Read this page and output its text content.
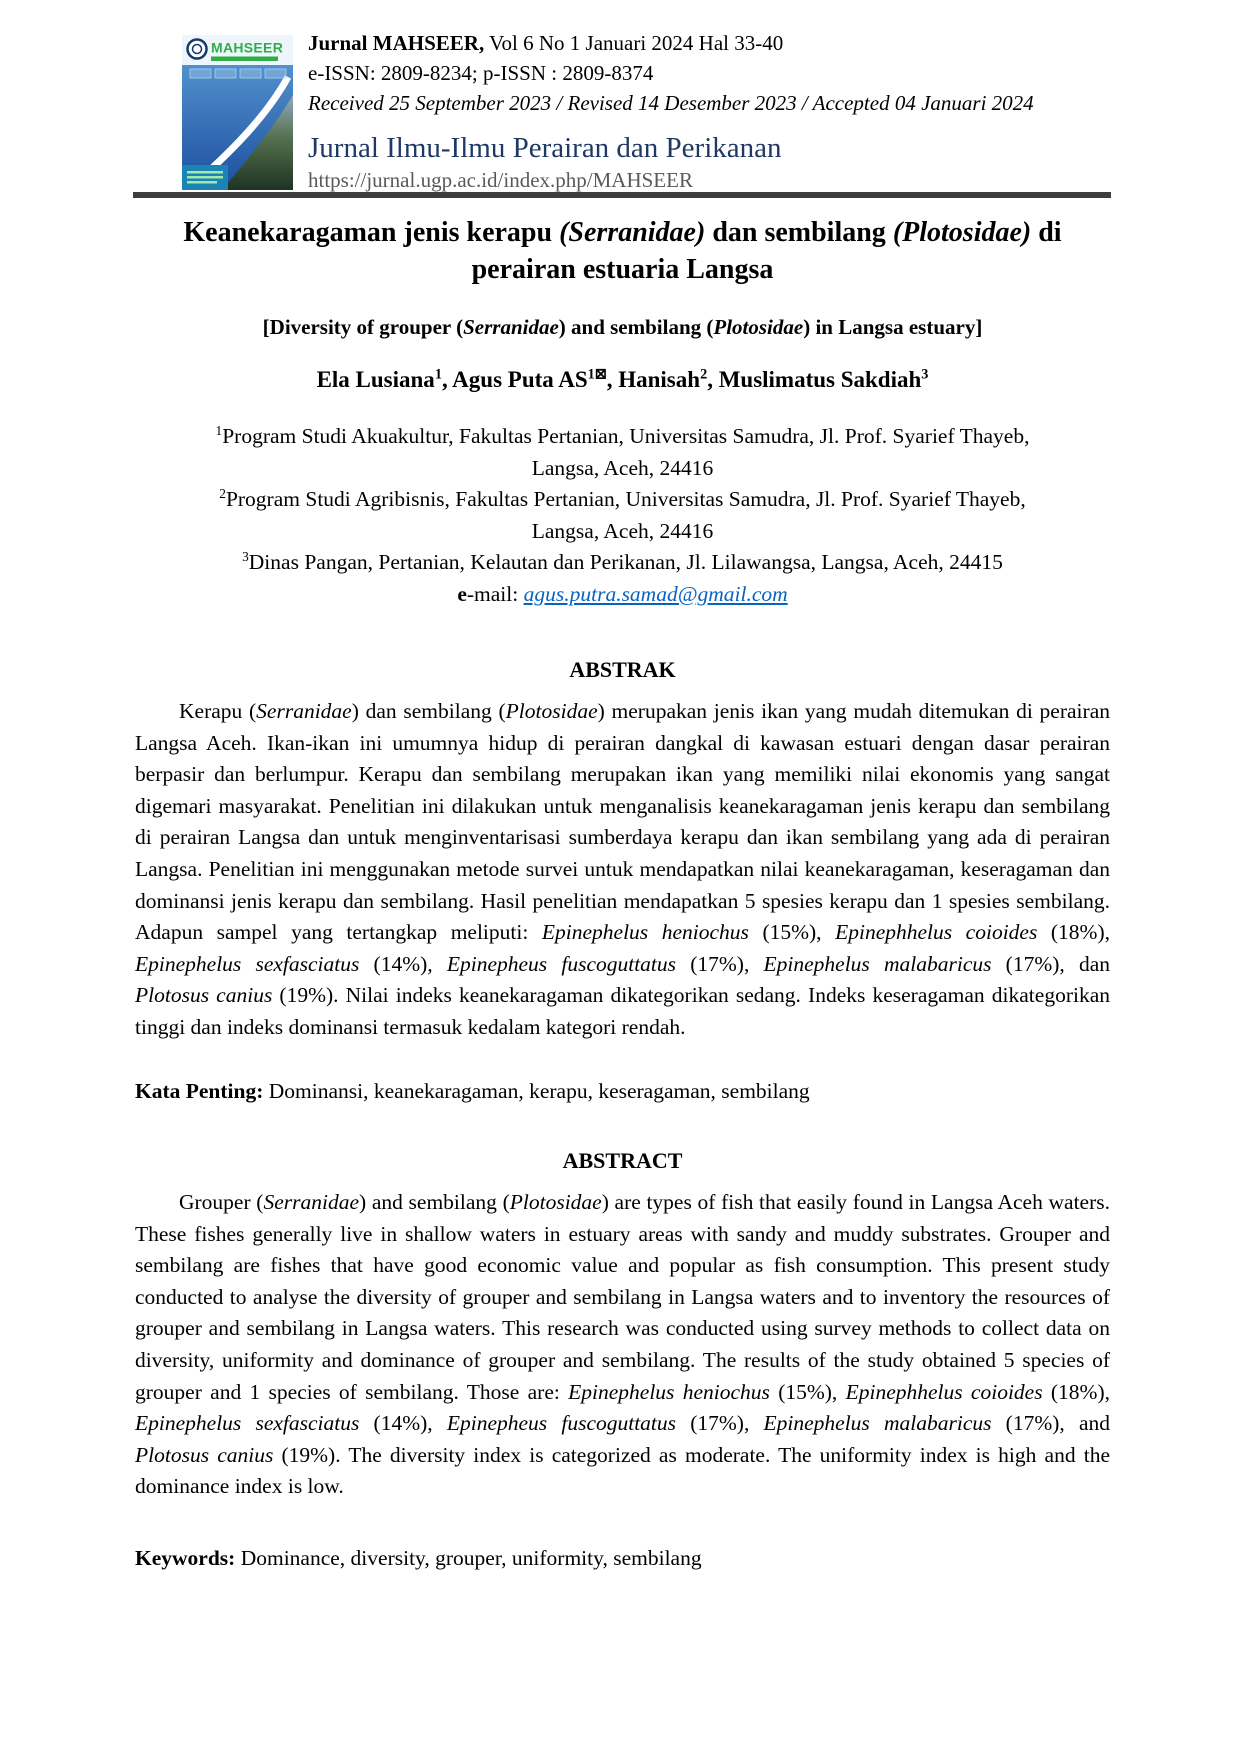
MAHSEER Jurnal MAHSEER, Vol 6 No 1 Januari 2024 Hal 33-40

e-ISSN: 2809-8234; p-ISSN : 2809-8374

Received 25 September 2023 / Revised 14 Desember 2023 / Accepted 04 Januari 2024

Jurnal Ilmu-Ilmu Perairan dan Perikanan

https://jurnal.ugp.ac.id/index.php/MAHSEER

Keanekaragaman jenis kerapu (Serranidae) dan sembilang (Plotosidae) di
perairan estuaria Langsa

[Diversity of grouper (Serranidae) and sembilang (Plotosidae) in Langsa estuary]

Ela Lusiana$^1$, Agus Puta $AS^{1⊠}$, Hanisah$^2$, Muslimatus Sakdiah$^3$

$^1$Program Studi Akuakultur, Fakultas Pertanian, Universitas Samudra, Jl. Prof. Syarief Thayeb,
Langsa, Aceh, 24416
$^2$Program Studi Agribisnis, Fakultas Pertanian, Universitas Samudra, Jl. Prof. Syarief Thayeb,
Langsa, Aceh, 24416
$^3$Dinas Pangan, Pertanian, Kelautan dan Perikanan, Jl. Lilawangsa, Langsa, Aceh, 24415
e-mail: agus.putra.samad@gmail.com
ABSTRAK

Kerapu (Serranidae) dan sembilang (Plotosidae) merupakan jenis ikan yang mudah ditemukan di perairan Langsa Aceh. Ikan-ikan ini umumnya hidup di perairan dangkal di kawasan estuari dengan dasar perairan berpasir dan berlumpur. Kerapu dan sembilang merupakan ikan yang memiliki nilai ekonomis yang sangat digemari masyarakat. Penelitian ini dilakukan untuk menganalisis keanekaragaman jenis kerapu dan sembilang di perairan Langsa dan untuk menginventarisasi sumberdaya kerapu dan ikan sembilang yang ada di perairan Langsa. Penelitian ini menggunakan metode survei untuk mendapatkan nilai keanekaragaman, keseragaman dan dominansi jenis kerapu dan sembilang. Hasil penelitian mendapatkan 5 spesies kerapu dan 1 spesies sembilang. Adapun sampel yang tertangkap meliputi: Epinephelus heniochus (15%), Epinephhelus coioides (18%), Epinephelus sexfasciatus (14%), Epinepheus fuscoguttatus (17%), Epinephelus malabaricus (17%), dan Plotosus canius (19%). Nilai indeks keanekaragaman dikategorikan sedang. Indeks keseragaman dikategorikan tinggi dan indeks dominansi termasuk kedalam kategori rendah.

Kata Penting: Dominansi, keanekaragaman, kerapu, keseragaman, sembilang

ABSTRACT

Grouper (Serranidae) and sembilang (Plotosidae) are types of fish that easily found in Langsa Aceh waters. These fishes generally live in shallow waters in estuary areas with sandy and muddy substrates. Grouper and sembilang are fishes that have good economic value and popular as fish consumption. This present study conducted to analyse the diversity of grouper and sembilang in Langsa waters and to inventory the resources of grouper and sembilang in Langsa waters. This research was conducted using survey methods to collect data on diversity, uniformity and dominance of grouper and sembilang. The results of the study obtained 5 species of grouper and 1 species of sembilang. Those are: Epinephelus heniochus (15%), Epinephhelus coioides (18%), Epinephelus sexfasciatus (14%), Epinepheus fuscoguttatus (17%), Epinephelus malabaricus (17%), and Plotosus canius (19%). The diversity index is categorized as moderate. The uniformity index is high and the dominance index is low.

Keywords: Dominance, diversity, grouper, uniformity, sembilang
